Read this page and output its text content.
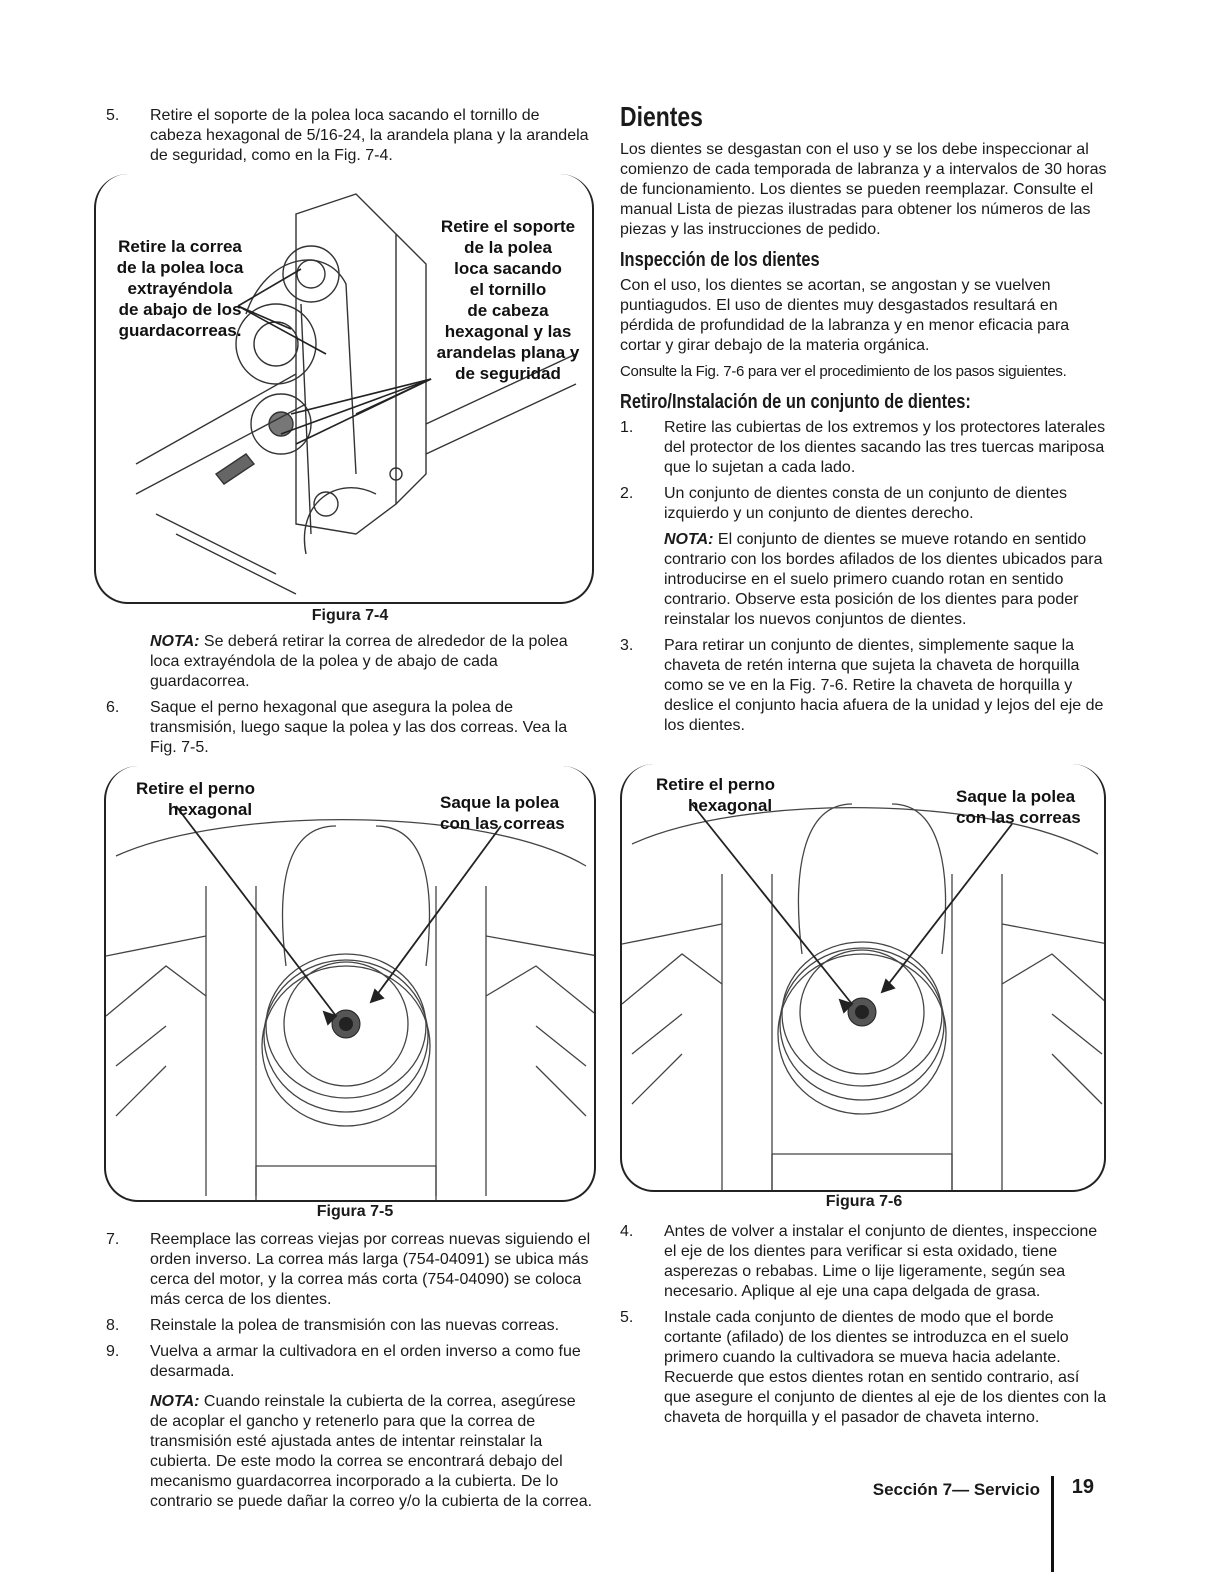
5.	Retire el soporte de la polea loca sacando el tornillo de cabeza hexagonal de 5/16-24, la arandela plana y la arandela de seguridad, como en la Fig. 7-4.
Retire la correa
de la polea loca
extrayéndola
de abajo de los
guardacorreas.
Retire el soporte
de la polea
loca sacando
el tornillo
de cabeza
hexagonal y las
arandelas plana y
de seguridad
Figura 7-4
NOTA: Se deberá retirar la correa de alrededor de la polea loca extrayéndola de la polea y de abajo de cada guardacorrea.
6.	Saque el perno hexagonal que asegura la polea de transmisión, luego saque la polea y las dos correas. Vea la Fig. 7-5.
Retire el perno
hexagonal	Saque la polea
con las correas
Figura 7-5
7.	Reemplace las correas viejas por correas nuevas siguiendo el orden inverso. La correa más larga (754-04091) se ubica más cerca del motor, y la correa más corta (754-04090) se coloca más cerca de los dientes.
8.	Reinstale la polea de transmisión con las nuevas correas.
9.	Vuelva a armar la cultivadora en el orden inverso a como fue desarmada.
NOTA: Cuando reinstale la cubierta de la correa, asegúrese de acoplar el gancho y retenerlo para que la correa de transmisión esté ajustada antes de intentar reinstalar la cubierta. De este modo la correa se encontrará debajo del mecanismo guardacorrea incorporado a la cubierta. De lo contrario se puede dañar la correo y/o la cubierta de la correa.
Dientes

Los dientes se desgastan con el uso y se los debe inspeccionar al comienzo de cada temporada de labranza y a intervalos de 30 horas de funcionamiento. Los dientes se pueden reemplazar. Consulte el manual Lista de piezas ilustradas para obtener los números de las piezas y las instrucciones de pedido.

Inspección de los dientes

Con el uso, los dientes se acortan, se angostan y se vuelven puntiagudos. El uso de dientes muy desgastados resultará en pérdida de profundidad de la labranza y en menor eficacia para cortar y girar debajo de la materia orgánica.

Consulte la Fig. 7-6 para ver el procedimiento de los pasos siguientes.

Retiro/Instalación de un conjunto de dientes:
1.	Retire las cubiertas de los extremos y los protectores laterales del protector de los dientes sacando las tres tuercas mariposa que lo sujetan a cada lado.
2.	Un conjunto de dientes consta de un conjunto de dientes izquierdo y un conjunto de dientes derecho.
NOTA: El conjunto de dientes se mueve rotando en sentido contrario con los bordes afilados de los dientes ubicados para introducirse en el suelo primero cuando rotan en sentido contrario. Observe esta posición de los dientes para poder reinstalar los nuevos conjuntos de dientes.
3.	Para retirar un conjunto de dientes, simplemente saque la chaveta de retén interna que sujeta la chaveta de horquilla como se ve en la Fig. 7-6. Retire la chaveta de horquilla y deslice el conjunto hacia afuera de la unidad y lejos del eje de los dientes.
Retire el perno
hexagonal	Saque la polea
con las correas
Figura 7-6
4.	Antes de volver a instalar el conjunto de dientes, inspeccione el eje de los dientes para verificar si esta oxidado, tiene asperezas o rebabas. Lime o lije ligeramente, según sea necesario. Aplique al eje una capa delgada de grasa.
5.	Instale cada conjunto de dientes de modo que el borde cortante (afilado) de los dientes se introduzca en el suelo primero cuando la cultivadora se mueva hacia adelante. Recuerde que estos dientes rotan en sentido contrario, así que asegure el conjunto de dientes al eje de los dientes con la chaveta de horquilla y el pasador de chaveta interno.
Sección 7— Servicio 19
